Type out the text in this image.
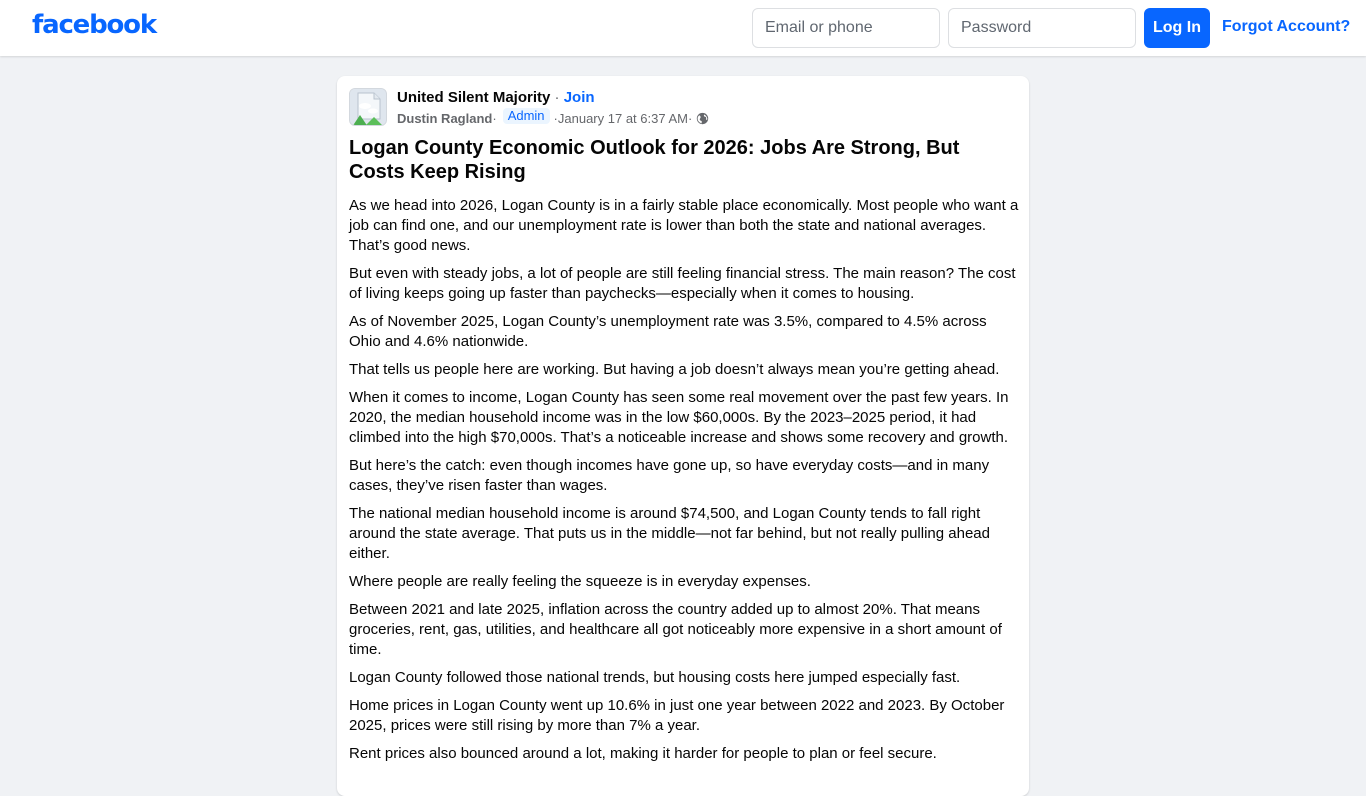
facebook
Email or phone	Log In	Forgot Account?
United Silent Majority · Join
Dustin Ragland · Admin · January 17 at 6:37 AM ·
Logan County Economic Outlook for 2026: Jobs Are Strong, But Costs Keep Rising

As we head into 2026, Logan County is in a fairly stable place economically. Most people who want a job can find one, and our unemployment rate is lower than both the state and national averages. That’s good news.

But even with steady jobs, a lot of people are still feeling financial stress. The main reason? The cost of living keeps going up faster than paychecks—especially when it comes to housing.

As of November 2025, Logan County’s unemployment rate was 3.5%, compared to 4.5% across Ohio and 4.6% nationwide.

That tells us people here are working. But having a job doesn’t always mean you’re getting ahead.

When it comes to income, Logan County has seen some real movement over the past few years. In 2020, the median household income was in the low $60,000s. By the 2023–2025 period, it had climbed into the high $70,000s. That’s a noticeable increase and shows some recovery and growth.

But here’s the catch: even though incomes have gone up, so have everyday costs—and in many cases, they’ve risen faster than wages.

The national median household income is around $74,500, and Logan County tends to fall right around the state average. That puts us in the middle—not far behind, but not really pulling ahead either.

Where people are really feeling the squeeze is in everyday expenses.

Between 2021 and late 2025, inflation across the country added up to almost 20%. That means groceries, rent, gas, utilities, and healthcare all got noticeably more expensive in a short amount of time.

Logan County followed those national trends, but housing costs here jumped especially fast.

Home prices in Logan County went up 10.6% in just one year between 2022 and 2023. By October 2025, prices were still rising by more than 7% a year.

Rent prices also bounced around a lot, making it harder for people to plan or feel secure.
